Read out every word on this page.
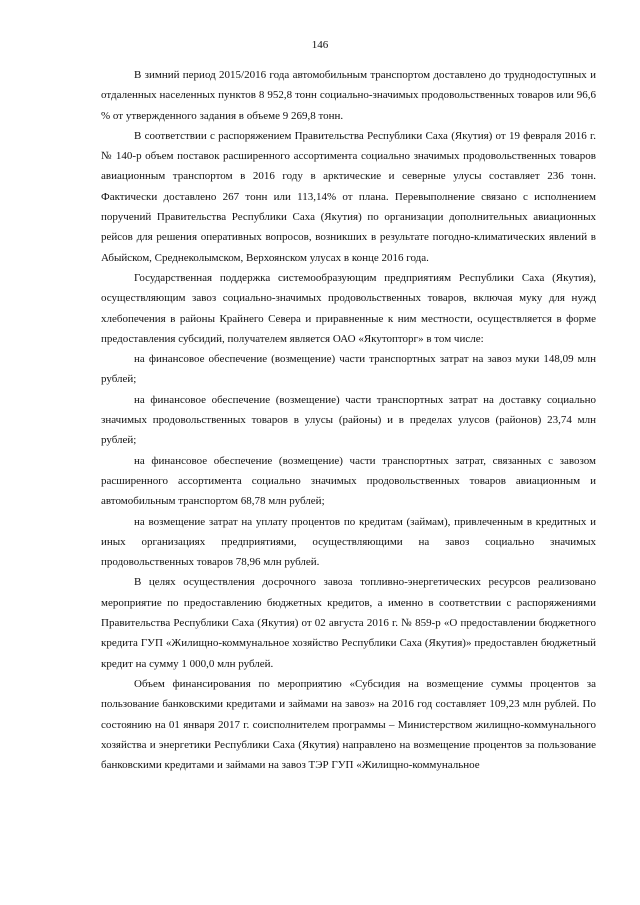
146

В зимний период 2015/2016 года автомобильным транспортом доставлено до труднодоступных и отдаленных населенных пунктов 8 952,8 тонн социально-значимых продовольственных товаров или 96,6 % от утвержденного задания в объеме 9 269,8 тонн.

В соответствии с распоряжением Правительства Республики Саха (Якутия) от 19 февраля 2016 г. № 140-р объем поставок расширенного ассортимента социально значимых продовольственных товаров авиационным транспортом в 2016 году в арктические и северные улусы составляет 236 тонн. Фактически доставлено 267 тонн или 113,14% от плана. Перевыполнение связано с исполнением поручений Правительства Республики Саха (Якутия) по организации дополнительных авиационных рейсов для решения оперативных вопросов, возникших в результате погодно-климатических явлений в Абыйском, Среднеколымском, Верхоянском улусах в конце 2016 года.

Государственная поддержка системообразующим предприятиям Республики Саха (Якутия), осуществляющим завоз социально-значимых продовольственных товаров, включая муку для нужд хлебопечения в районы Крайнего Севера и приравненные к ним местности, осуществляется в форме предоставления субсидий, получателем является ОАО «Якутопторг» в том числе:

на финансовое обеспечение (возмещение) части транспортных затрат на завоз муки 148,09 млн рублей;

на финансовое обеспечение (возмещение) части транспортных затрат на доставку социально значимых продовольственных товаров в улусы (районы) и в пределах улусов (районов) 23,74 млн рублей;

на финансовое обеспечение (возмещение) части транспортных затрат, связанных с завозом расширенного ассортимента социально значимых продовольственных товаров авиационным и автомобильным транспортом 68,78 млн рублей;

на возмещение затрат на уплату процентов по кредитам (займам), привлеченным в кредитных и иных организациях предприятиями, осуществляющими на завоз социально значимых продовольственных товаров 78,96 млн рублей.

В целях осуществления досрочного завоза топливно-энергетических ресурсов реализовано мероприятие по предоставлению бюджетных кредитов, а именно в соответствии с распоряжениями Правительства Республики Саха (Якутия) от 02 августа 2016 г. № 859-р «О предоставлении бюджетного кредита ГУП «Жилищно-коммунальное хозяйство Республики Саха (Якутия)» предоставлен бюджетный кредит на сумму 1 000,0 млн рублей.

Объем финансирования по мероприятию «Субсидия на возмещение суммы процентов за пользование банковскими кредитами и займами на завоз» на 2016 год составляет 109,23 млн рублей. По состоянию на 01 января 2017 г. соисполнителем программы – Министерством жилищно-коммунального хозяйства и энергетики Республики Саха (Якутия) направлено на возмещение процентов за пользование банковскими кредитами и займами на завоз ТЭР ГУП «Жилищно-коммунальное
